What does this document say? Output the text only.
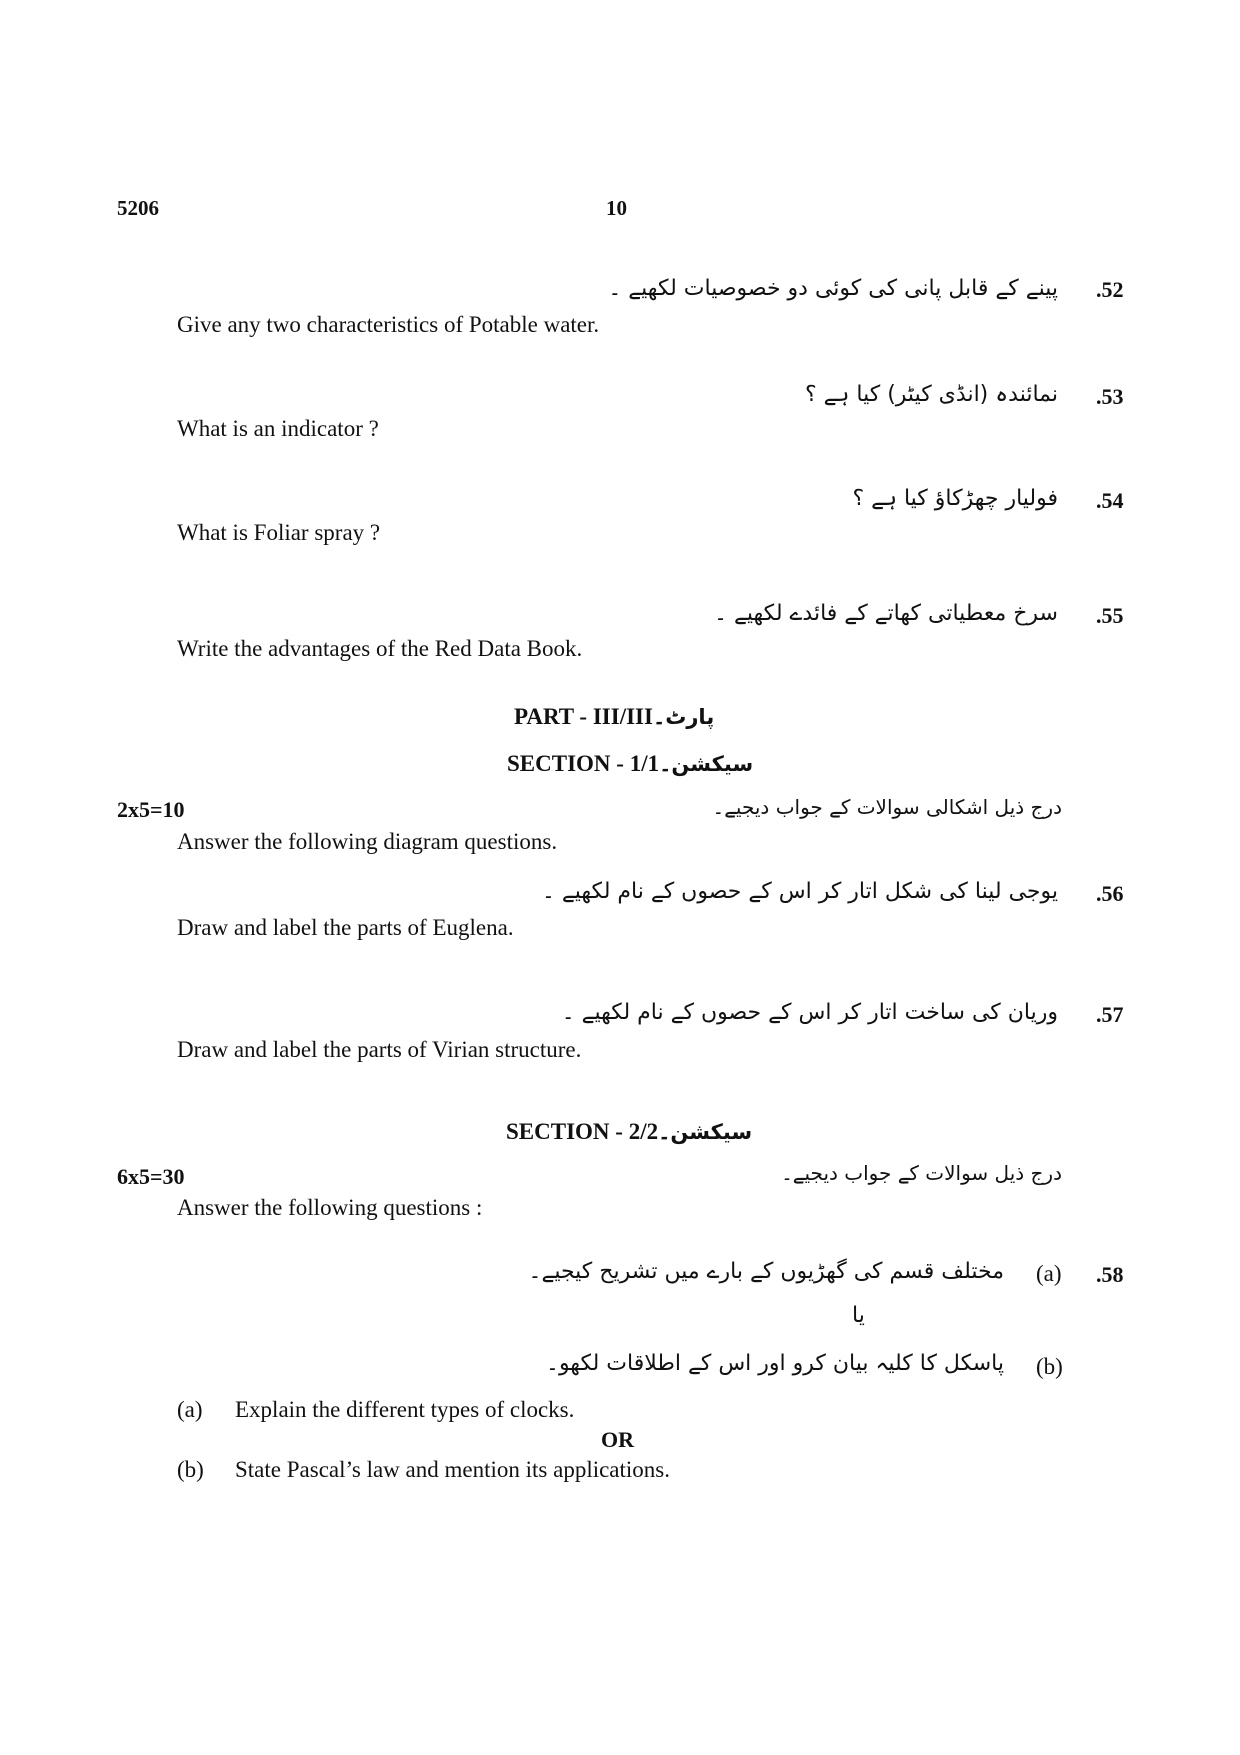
5206	10
.52
پینے کے قابل پانی کی کوئی دو خصوصیات لکھیے ۔
Give any two characteristics of Potable water.
.53
نمائندہ (انڈی کیٹر) کیا ہے ؟
What is an indicator ?
.54
فولیار چھڑکاؤ کیا ہے ؟
What is Foliar spray ?
.55
سرخ معطیاتی کھاتے کے فائدے لکھیے ۔
Write the advantages of the Red Data Book.
PART - III/IIIپارٹ۔
SECTION - 1/1سیکشن۔
2x5=10	درج ذیل اشکالی سوالات کے جواب دیجیے۔
Answer the following diagram questions.
.56
یوجی لینا کی شکل اتار کر اس کے حصوں کے نام لکھیے ۔
Draw and label the parts of Euglena.
.57
وریان کی ساخت اتار کر اس کے حصوں کے نام لکھیے ۔
Draw and label the parts of Virian structure.
SECTION - 2/2سیکشن۔
6x5=30	درج ذیل سوالات کے جواب دیجیے۔
Answer the following questions :
.58
(a)
مختلف قسم کی گھڑیوں کے بارے میں تشریح کیجیے۔
یا
(b)
پاسکل کا کلیہ بیان کرو اور اس کے اطلاقات لکھو۔
(a) Explain the different types of clocks.
OR
(b) State Pascal’s law and mention its applications.
